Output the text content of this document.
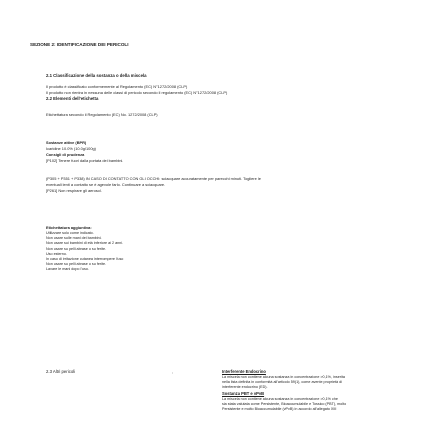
SEZIONE 2: IDENTIFICAZIONE DEI PERICOLI
2.1 Classificazione della sostanza o della miscela
Il prodotto è classificato conformemente al Regolamento (EC) N°1272/2008 (CLP)
Il prodotto non rientra in nessuna delle classi di pericolo secondo il regolamento (EC) N°1272/2008 (CLP)
2.2 Elementi dell'etichetta
Etichettatura secondo il Regolamento (EC) No. 1272/2008 (CLP)
Sostanze attive (BPR)
Icaridine 10.0% (10.0g/100g)
Consigli di prudenza
[P102] Tenere fuori dalla portata dei bambini.
(P305 + P351 + P338) IN CASO DI CONTATTO CON GLI OCCHI: sciacquare accuratamente per parecchi minuti. Togliere le
eventuali lenti a contatto se è agevole farlo. Continuare a sciacquare.
[P261] Non respirare gli aerosol.
Etichettatura aggiuntiva:
Utilizzare solo come indicato.
Non usare sulle mani dei bambini.
Non usare sui bambini di età inferiore ai 2 anni.
Non usare su pelli abrase o su ferite.
Uso esterno.
In caso di irritazione cutanea interrompere l'uso
Non usare su pelli abrase o su ferite.
Lavare le mani dopo l'uso.
2.3 Altri pericoli	:	Interferente Endocrino
La miscela non contiene alcuna sostanza in concentrazione >0,1%, inserita
nella lista definita in conformità all'articolo 59(1), come avente proprietà di
interferente endocrino (ED).
Sostanza PBT e vPvB
La miscela non contiene alcuna sostanza in concentrazione >0,1% che
sia stata valutata come Persistente, Bioaccumulabile e Tossico (PBT), molto
Persistente e molto Bioaccumulabile (vPvB) in accordo all'allegato XIII
